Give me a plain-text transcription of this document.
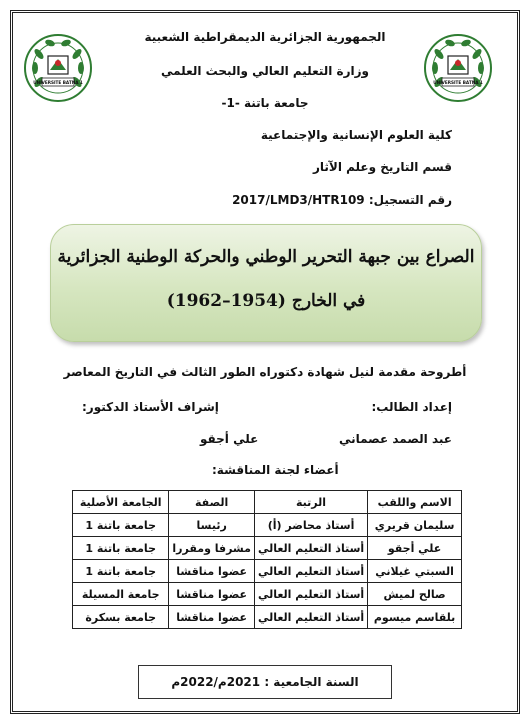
UNIVERSITE BATNA 1	UNIVERSITE BATNA 1
الجمهورية الجزائرية الديمقراطية الشعبية
وزارة التعليم العالي والبحث العلمي
جامعة باتنة -1-
كلية العلوم الإنسانية والإجتماعية
قسم التاريخ وعلم الآثار
رقم التسجيل: 2017/LMD3/HTR109
الصراع بين جبهة التحرير الوطني والحركة الوطنية الجزائرية
في الخارج (1954–1962)
أطروحة مقدمة لنيل شهادة دكتوراه الطور الثالث في التاريخ المعاصر
إعداد الطالب:
إشراف الأستاذ الدكتور:
عبد الصمد عصماني
علي أجقو
أعضاء لجنة المناقشة:
الاسم واللقب	الرتبة	الصفة	الجامعة الأصلية
سليمان قريري	أستاذ محاضر (أ)	رئيسا	جامعة باتنة 1
علي أجقو	أستاذ التعليم العالي	مشرفا ومقررا	جامعة باتنة 1
السبتي غيلاني	أستاذ التعليم العالي	عضوا مناقشا	جامعة باتنة 1
صالح لميش	أستاذ التعليم العالي	عضوا مناقشا	جامعة المسيلة
بلقاسم ميسوم	أستاذ التعليم العالي	عضوا مناقشا	جامعة بسكرة
السنة الجامعية : 2021م/2022م
